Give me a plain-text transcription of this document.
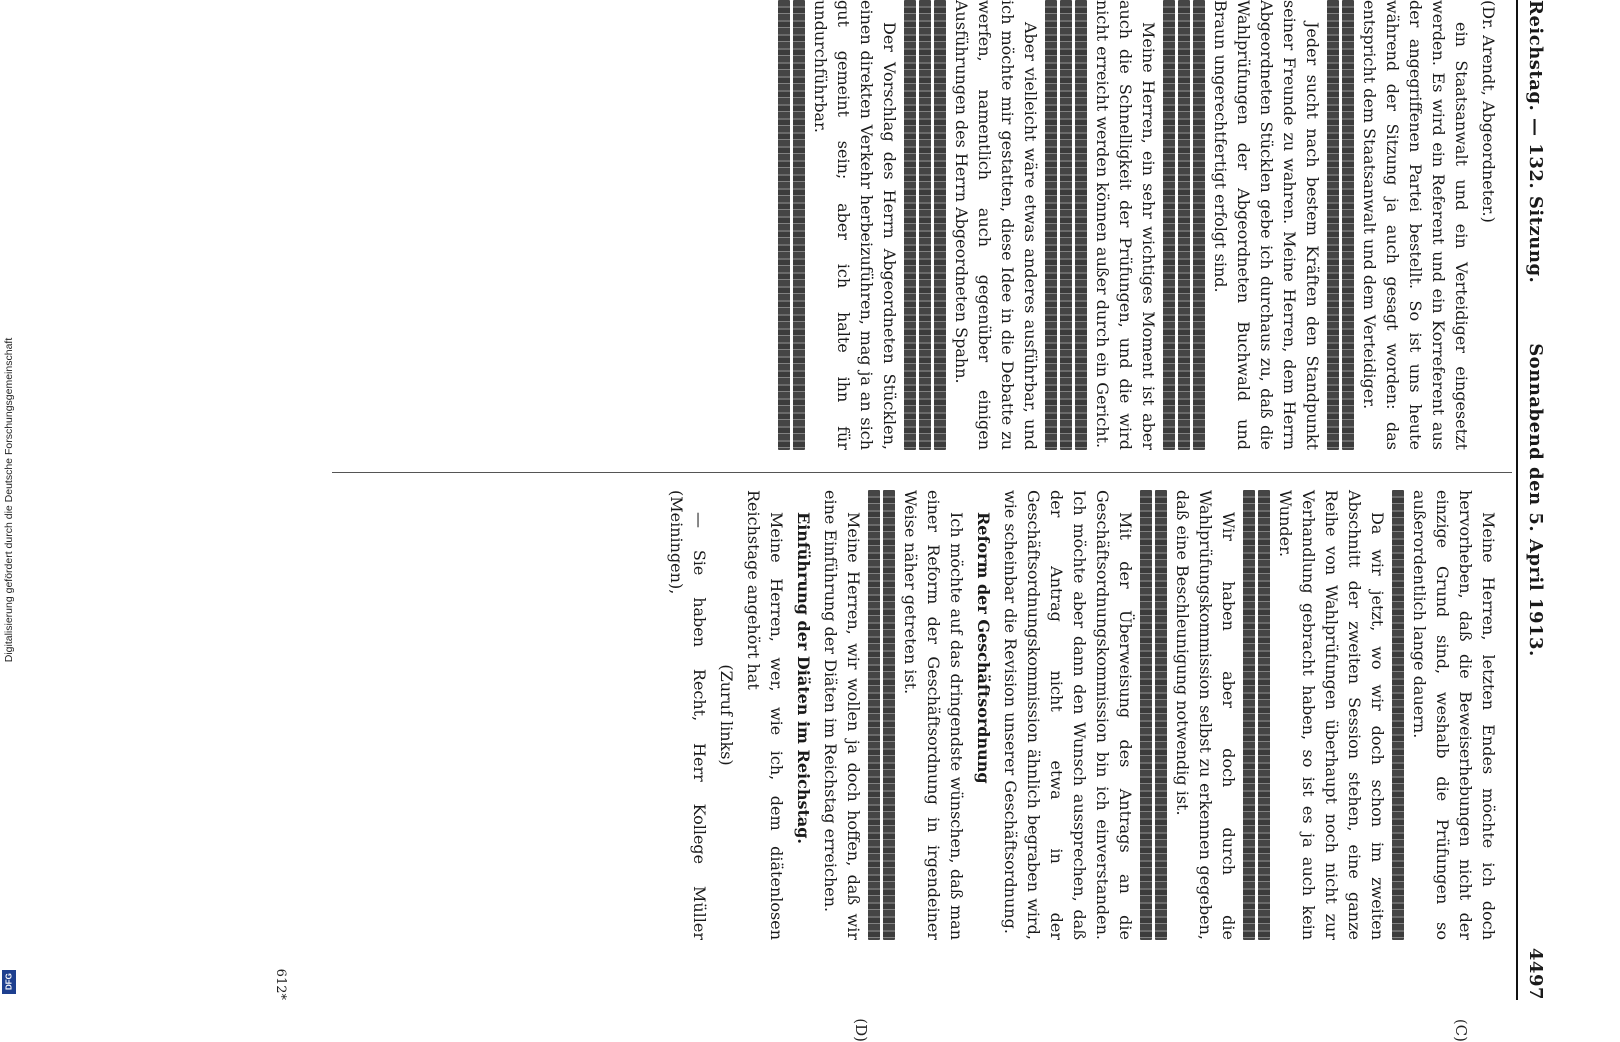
Digitalisierung gefördert durch die Deutsche Forschungsgemeinschaft
DFG
Reichstag. — 132. Sitzung.
Sonnabend den 5. April 1913.
4497
(C)
(D)

(Dr. Arendt, Abgeordneter.)

ein Staatsanwalt und ein Verteidiger eingesetzt werden. Es wird ein Referent und ein Korreferent aus der angegriffenen Partei bestellt. So ist uns heute während der Sitzung ja auch gesagt worden: das entspricht dem Staatsanwalt und dem Verteidiger.

Jeder sucht nach bestem Kräften den Standpunkt seiner Freunde zu wahren. Meine Herren, dem Herrn Abgeordneten Stücklen gebe ich durchaus zu, daß die Wahlprüfungen der Abgeordneten Buchwald und Braun ungerechtfertigt erfolgt sind.

Meine Herren, ein sehr wichtiges Moment ist aber auch die Schnelligkeit der Prüfungen, und die wird nicht erreicht werden können außer durch ein Gericht.

Aber vielleicht wäre etwas anderes ausführbar, und ich möchte mir gestatten, diese Idee in die Debatte zu werfen, namentlich auch gegenüber einigen Ausführungen des Herrn Abgeordneten Spahn.

Der Vorschlag des Herrn Abgeordneten Stücklen, einen direkten Verkehr herbeizuführen, mag ja an sich gut gemeint sein; aber ich halte ihn für undurchführbar.

Meine Herren, letzten Endes möchte ich doch hervorheben, daß die Beweiserhebungen nicht der einzige Grund sind, weshalb die Prüfungen so außerordentlich lange dauern.

Da wir jetzt, wo wir doch schon im zweiten Abschnitt der zweiten Session stehen, eine ganze Reihe von Wahlprüfungen überhaupt noch nicht zur Verhandlung gebracht haben, so ist es ja auch kein Wunder.

Wir haben aber doch durch die Wahlprüfungskommission selbst zu erkennen gegeben, daß eine Beschleunigung notwendig ist.

Mit der Überweisung des Antrags an die Geschäftsordnungskommission bin ich einverstanden. Ich möchte aber dann den Wunsch aussprechen, daß der Antrag nicht etwa in der Geschäftsordnungskommission ähnlich begraben wird, wie scheinbar die Revision unserer Geschäftsordnung.

Reform der Geschäftsordnung

Ich möchte auf das dringendste wünschen, daß man einer Reform der Geschäftsordnung in irgendeiner Weise näher getreten ist.

Meine Herren, wir wollen ja doch hoffen, daß wir eine Einführung der Diäten im Reichstag erreichen.

Einführung der Diäten im Reichstag.

Meine Herren, wer, wie ich, dem diätenlosen Reichstage angehört hat

(Zuruf links)

— Sie haben Recht, Herr Kollege Müller (Meiningen),

612*
